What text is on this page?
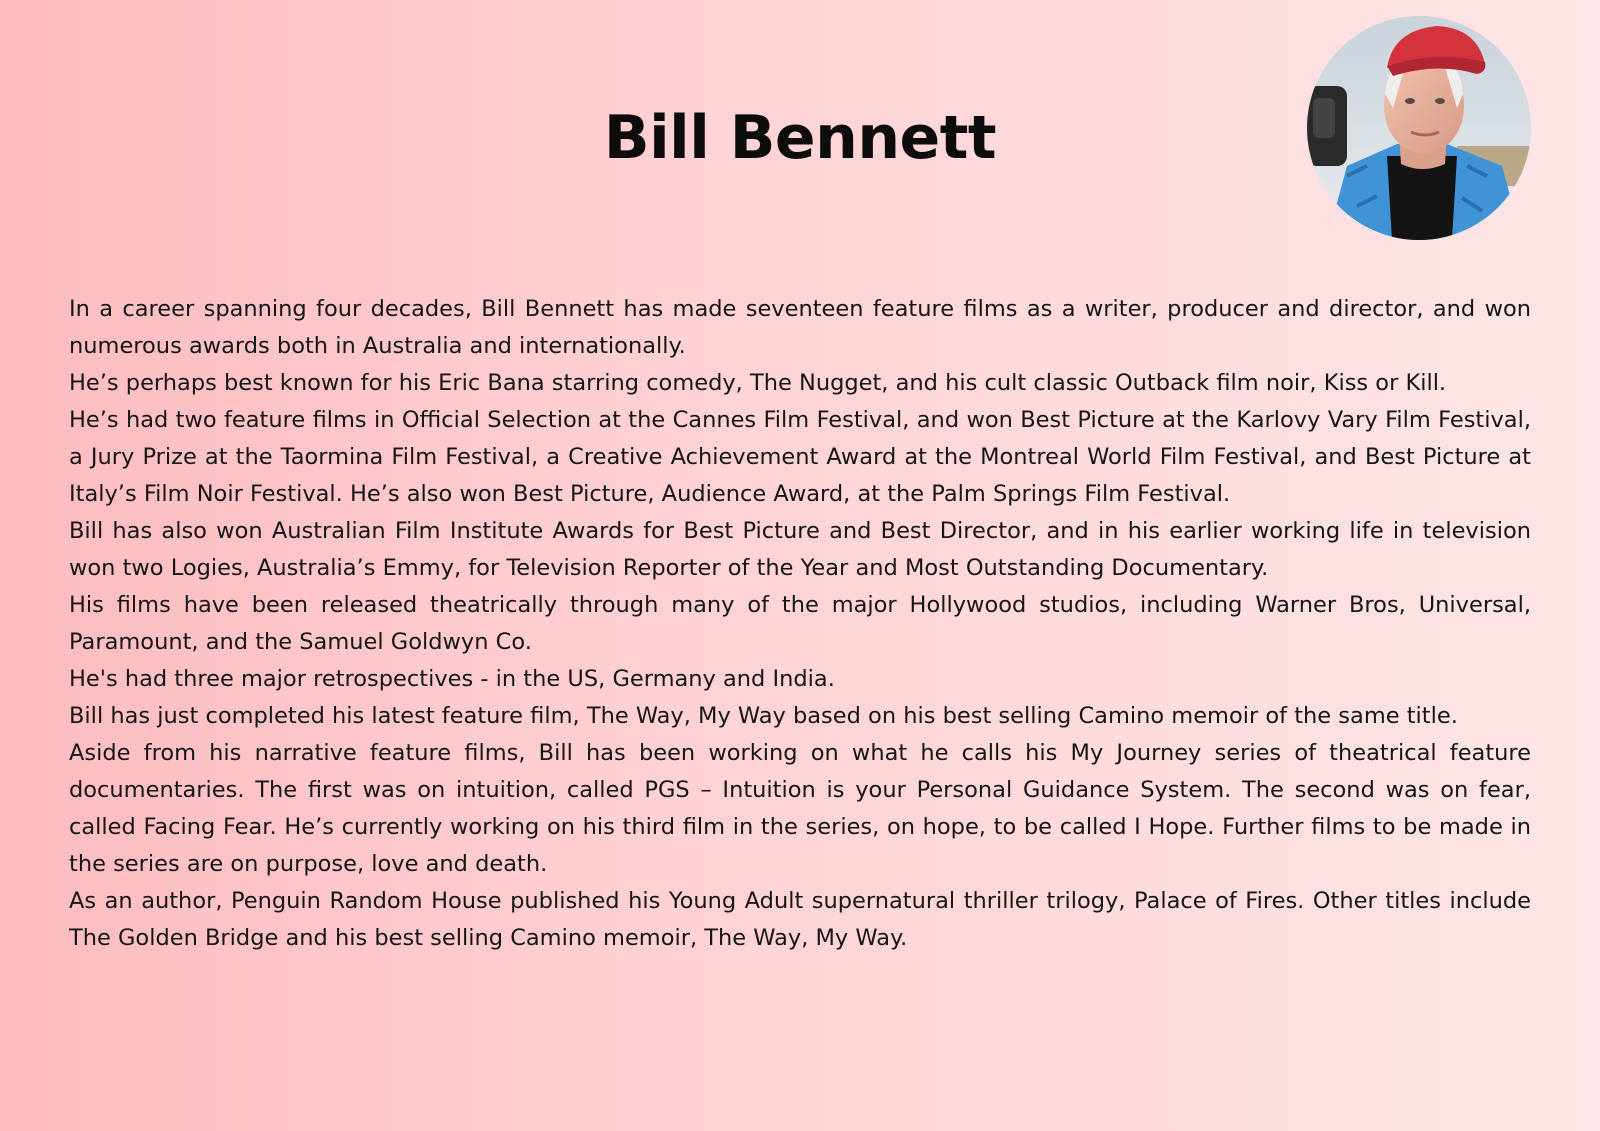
Bill Bennett

In a career spanning four decades, Bill Bennett has made seventeen feature films as a writer, producer and director, and won numerous awards both in Australia and internationally.

He’s perhaps best known for his Eric Bana starring comedy, The Nugget, and his cult classic Outback film noir, Kiss or Kill.

He’s had two feature films in Official Selection at the Cannes Film Festival, and won Best Picture at the Karlovy Vary Film Festival, a Jury Prize at the Taormina Film Festival, a Creative Achievement Award at the Montreal World Film Festival, and Best Picture at Italy’s Film Noir Festival. He’s also won Best Picture, Audience Award, at the Palm Springs Film Festival.

Bill has also won Australian Film Institute Awards for Best Picture and Best Director, and in his earlier working life in television won two Logies, Australia’s Emmy, for Television Reporter of the Year and Most Outstanding Documentary.

His films have been released theatrically through many of the major Hollywood studios, including Warner Bros, Universal, Paramount, and the Samuel Goldwyn Co.

He's had three major retrospectives - in the US, Germany and India.

Bill has just completed his latest feature film, The Way, My Way based on his best selling Camino memoir of the same title.

Aside from his narrative feature films, Bill has been working on what he calls his My Journey series of theatrical feature documentaries. The first was on intuition, called PGS – Intuition is your Personal Guidance System. The second was on fear, called Facing Fear. He’s currently working on his third film in the series, on hope, to be called I Hope. Further films to be made in the series are on purpose, love and death.

As an author, Penguin Random House published his Young Adult supernatural thriller trilogy, Palace of Fires. Other titles include The Golden Bridge and his best selling Camino memoir, The Way, My Way.
